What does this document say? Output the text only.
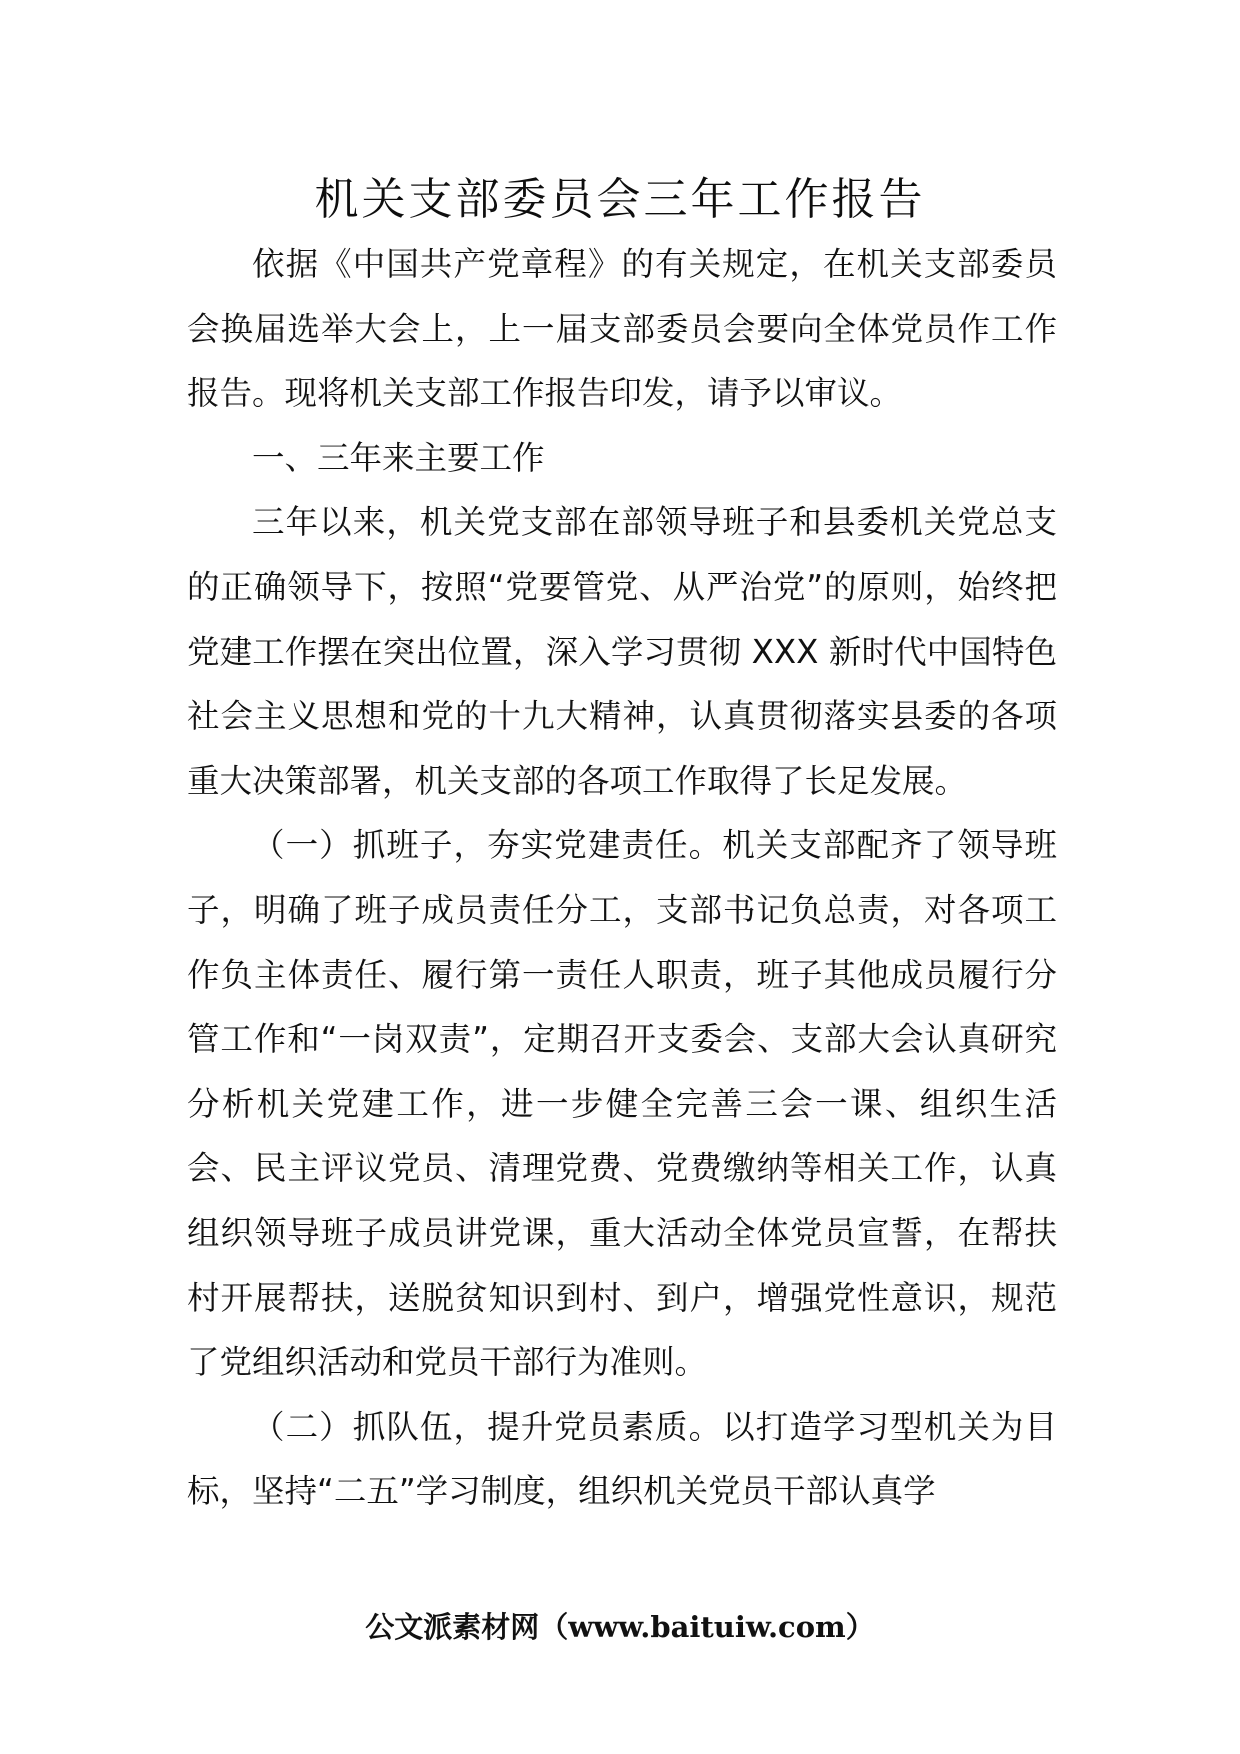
机关支部委员会三年工作报告

依据《中国共产党章程》的有关规定，在机关支部委员会换届选举大会上，上一届支部委员会要向全体党员作工作报告。现将机关支部工作报告印发，请予以审议。

一、三年来主要工作

三年以来，机关党支部在部领导班子和县委机关党总支的正确领导下，按照“党要管党、从严治党”的原则，始终把党建工作摆在突出位置，深入学习贯彻 XXX 新时代中国特色社会主义思想和党的十九大精神，认真贯彻落实县委的各项重大决策部署，机关支部的各项工作取得了长足发展。

（一）抓班子，夯实党建责任。机关支部配齐了领导班子，明确了班子成员责任分工，支部书记负总责，对各项工作负主体责任、履行第一责任人职责，班子其他成员履行分管工作和“一岗双责”，定期召开支委会、支部大会认真研究分析机关党建工作，进一步健全完善三会一课、组织生活会、民主评议党员、清理党费、党费缴纳等相关工作，认真组织领导班子成员讲党课，重大活动全体党员宣誓，在帮扶村开展帮扶，送脱贫知识到村、到户，增强党性意识，规范了党组织活动和党员干部行为准则。

（二）抓队伍，提升党员素质。以打造学习型机关为目标，坚持“二五”学习制度，组织机关党员干部认真学

公文派素材网（www.baituiw.com）
